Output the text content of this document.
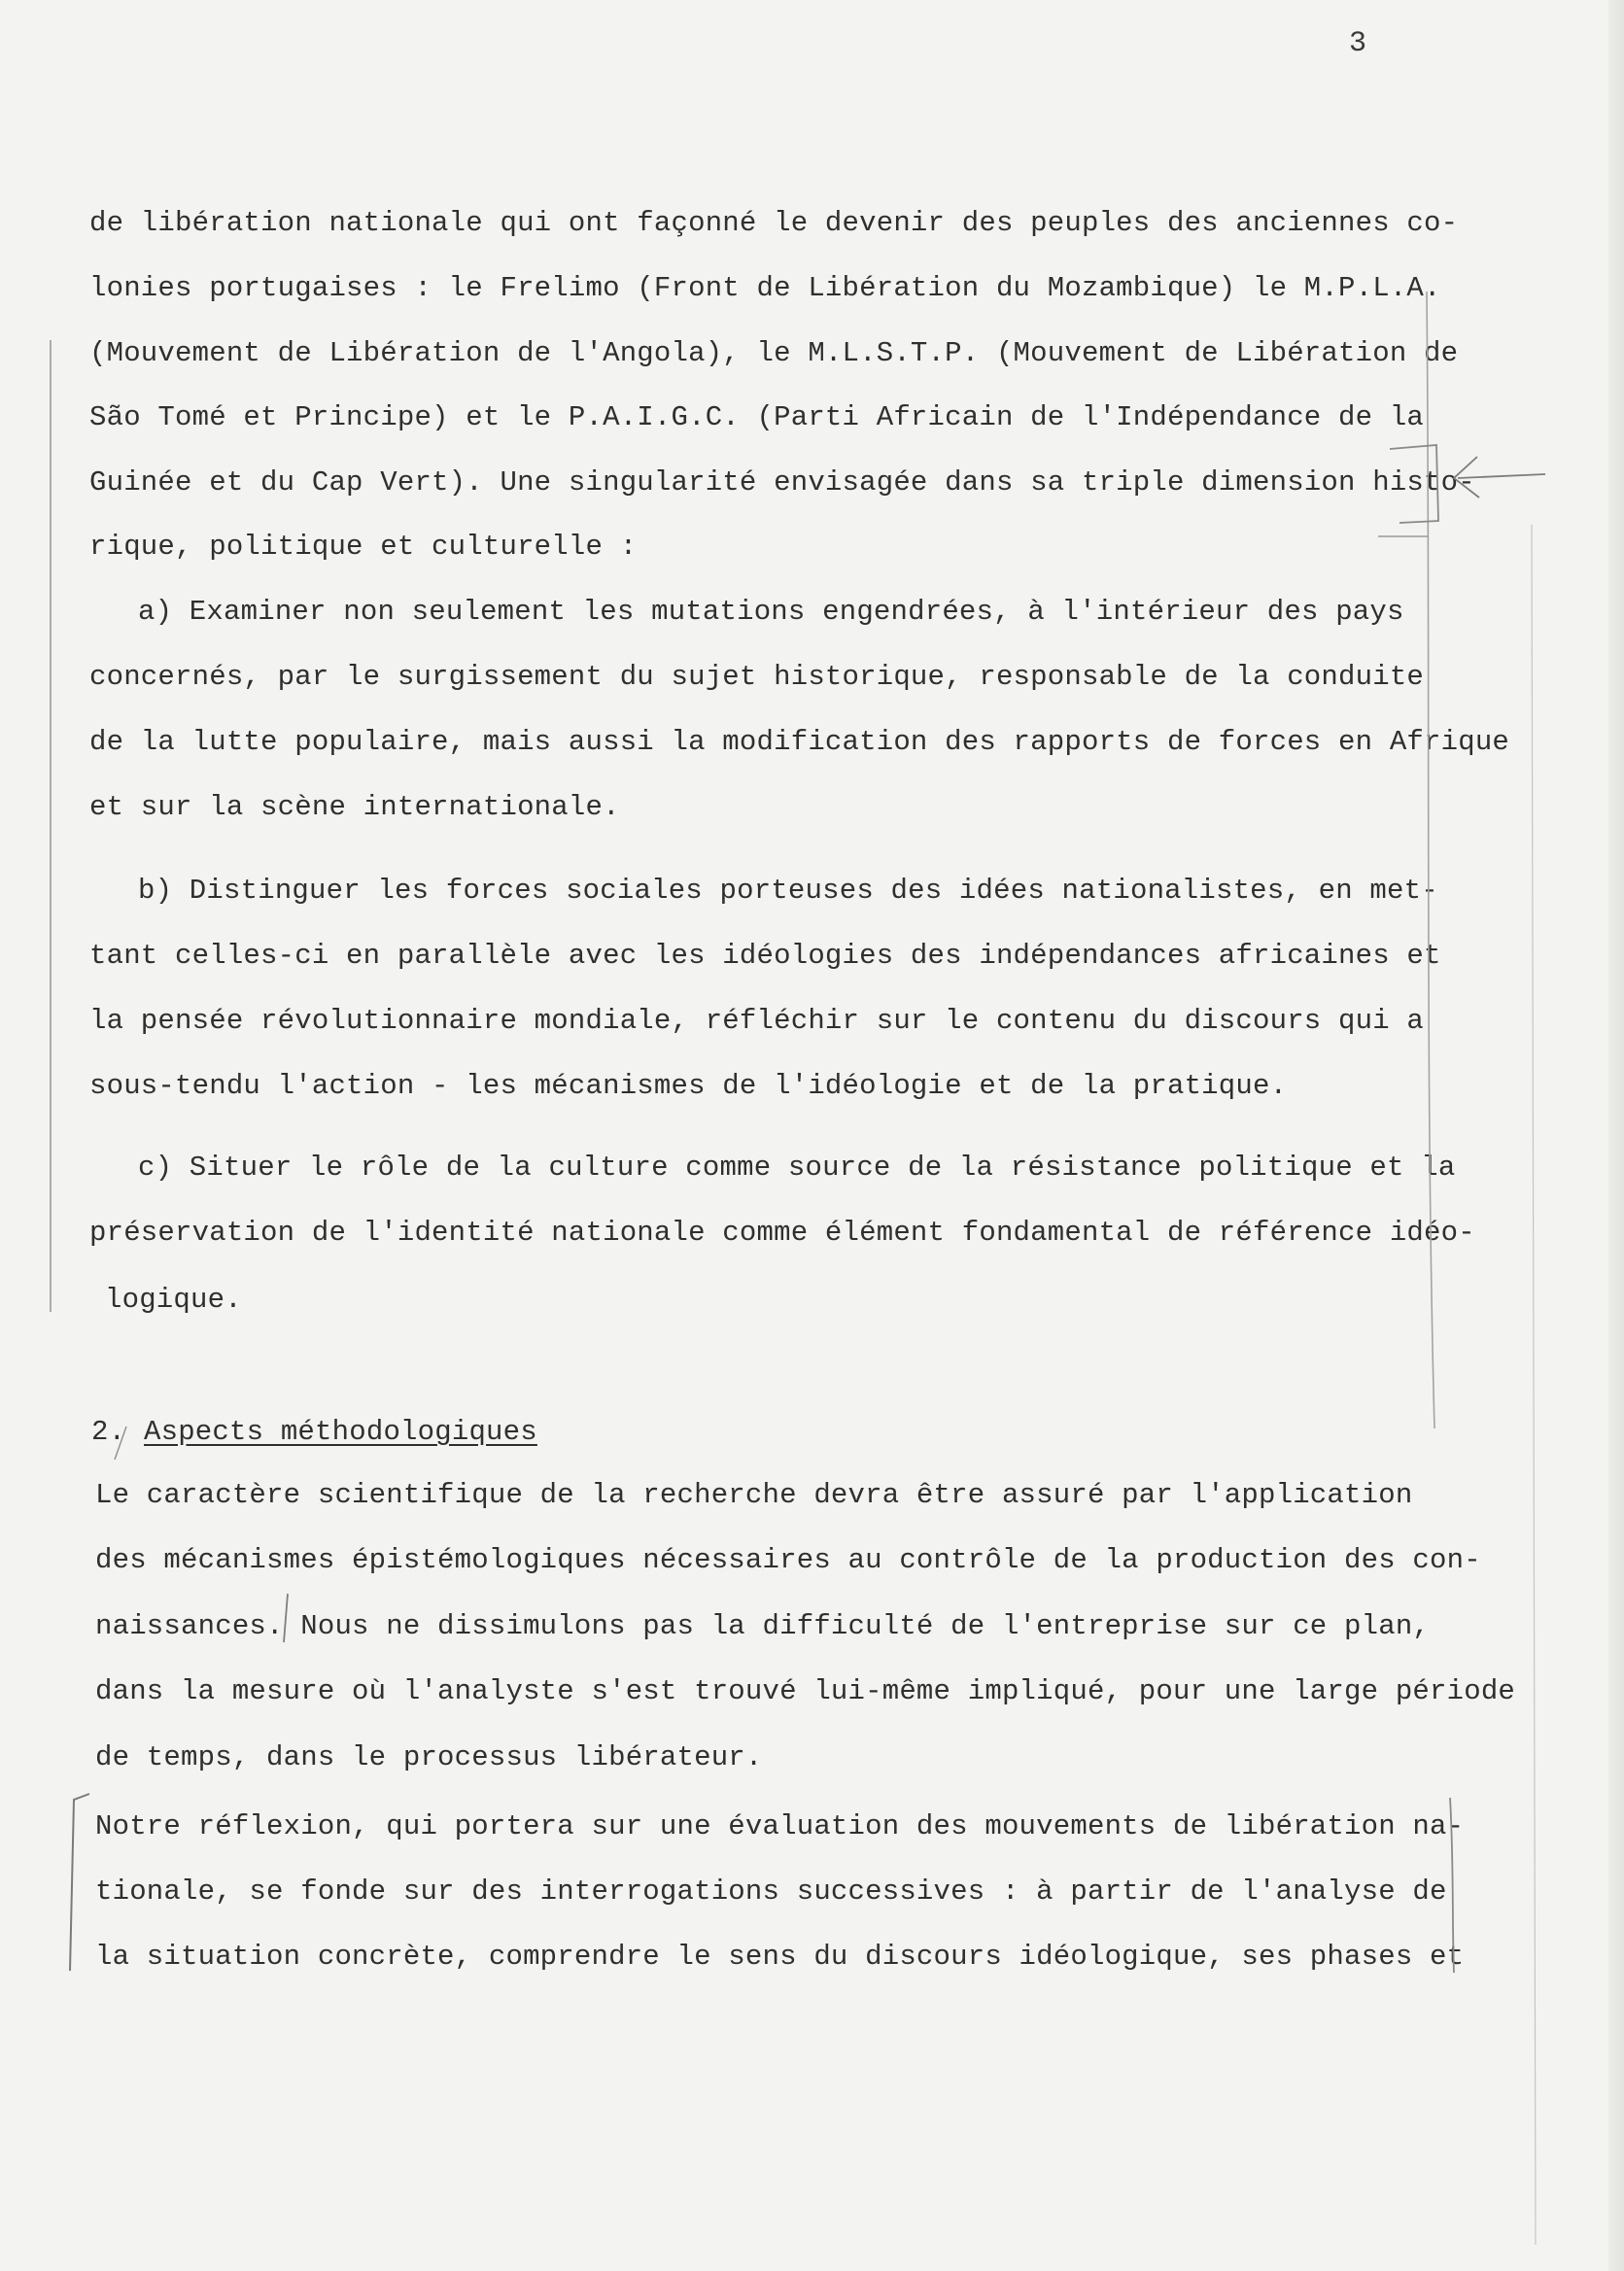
3
de libération nationale qui ont façonné le devenir des peuples des anciennes co-
lonies portugaises : le Frelimo (Front de Libération du Mozambique) le M.P.L.A.
(Mouvement de Libération de l'Angola), le M.L.S.T.P. (Mouvement de Libération de
São Tomé et Principe) et le P.A.I.G.C. (Parti Africain de l'Indépendance de la
Guinée et du Cap Vert). Une singularité envisagée dans sa triple dimension histo-
rique, politique et culturelle :
a) Examiner non seulement les mutations engendrées, à l'intérieur des pays
concernés, par le surgissement du sujet historique, responsable de la conduite
de la lutte populaire, mais aussi la modification des rapports de forces en Afrique
et sur la scène internationale.
b) Distinguer les forces sociales porteuses des idées nationalistes, en met-
tant celles-ci en parallèle avec les idéologies des indépendances africaines et
la pensée révolutionnaire mondiale, réfléchir sur le contenu du discours qui a
sous-tendu l'action - les mécanismes de l'idéologie et de la pratique.
c) Situer le rôle de la culture comme source de la résistance politique et la
préservation de l'identité nationale comme élément fondamental de référence idéo-
logique.
2. Aspects méthodologiques
Le caractère scientifique de la recherche devra être assuré par l'application
des mécanismes épistémologiques nécessaires au contrôle de la production des con-
naissances. Nous ne dissimulons pas la difficulté de l'entreprise sur ce plan,
dans la mesure où l'analyste s'est trouvé lui-même impliqué, pour une large période
de temps, dans le processus libérateur.
Notre réflexion, qui portera sur une évaluation des mouvements de libération na-
tionale, se fonde sur des interrogations successives : à partir de l'analyse de
la situation concrète, comprendre le sens du discours idéologique, ses phases et
